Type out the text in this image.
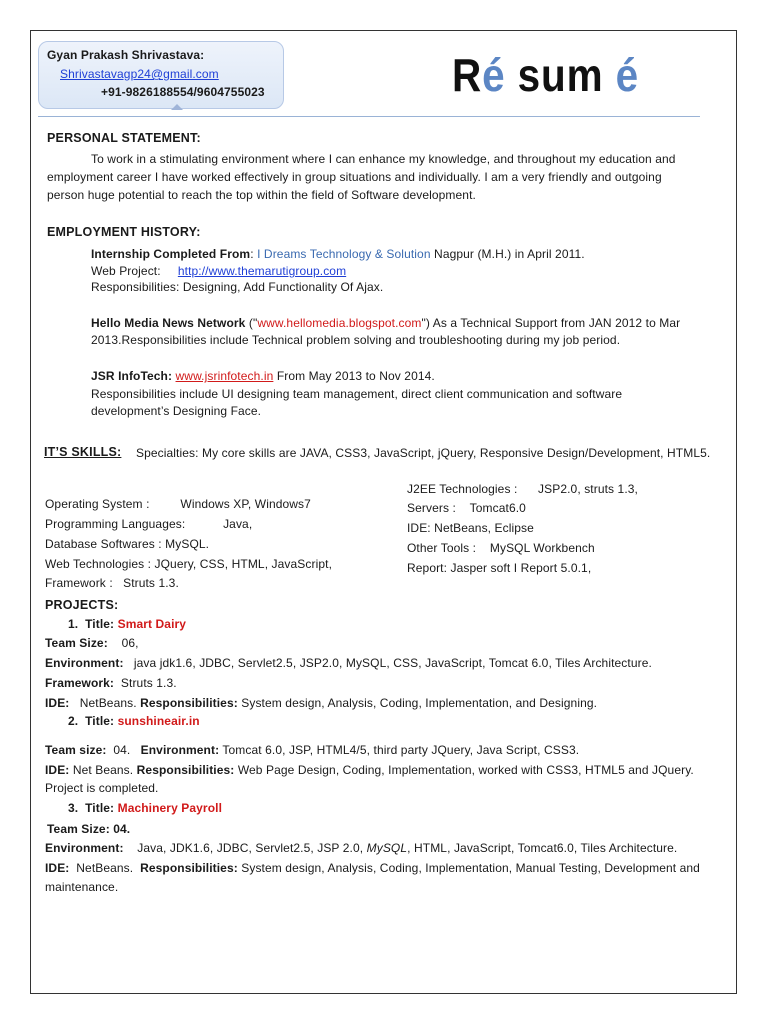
Gyan Prakash Shrivastava:
Shrivastavagp24@gmail.com
+91-9826188554/9604755023	Ré sum é
PERSONAL STATEMENT:
To work in a stimulating environment where I can enhance my knowledge, and throughout my education and
employment career I have worked effectively in group situations and individually. I am a very friendly and outgoing
person huge potential to reach the top within the field of Software development.
EMPLOYMENT HISTORY:
Internship Completed From: I Dreams Technology & Solution Nagpur (M.H.) in April 2011.
Web Project: http://www.themarutigroup.com
Responsibilities: Designing, Add Functionality Of Ajax.
Hello Media News Network ("www.hellomedia.blogspot.com") As a Technical Support from JAN 2012 to Mar
2013.Responsibilities include Technical problem solving and troubleshooting during my job period.
JSR InfoTech: www.jsrinfotech.in From May 2013 to Nov 2014.
Responsibilities include UI designing team management, direct client communication and software
development’s Designing Face.
IT’S SKILLS: Specialties: My core skills are JAVA, CSS3, JavaScript, jQuery, Responsive Design/Development, HTML5.
J2EE Technologies : JSP2.0, struts 1.3,
Operating System :	Windows XP, Windows7	Servers : Tomcat6.0
Programming Languages:	Java,	IDE: NetBeans, Eclipse
Database Softwares : MySQL.	Other Tools : MySQL Workbench
Web Technologies : JQuery, CSS, HTML, JavaScript,	Report: Jasper soft I Report 5.0.1,
Framework : Struts 1.3.
PROJECTS:
1. Title: Smart Dairy
Team Size: 06,
Environment: java jdk1.6, JDBC, Servlet2.5, JSP2.0, MySQL, CSS, JavaScript, Tomcat 6.0, Tiles Architecture.
Framework: Struts 1.3.
IDE: NetBeans. Responsibilities: System design, Analysis, Coding, Implementation, and Designing.
2. Title: sunshineair.in
Team size: 04. Environment: Tomcat 6.0, JSP, HTML4/5, third party JQuery, Java Script, CSS3.
IDE: Net Beans. Responsibilities: Web Page Design, Coding, Implementation, worked with CSS3, HTML5 and JQuery.
Project is completed.
3. Title: Machinery Payroll
Team Size: 04.
Environment: Java, JDK1.6, JDBC, Servlet2.5, JSP 2.0, MySQL, HTML, JavaScript, Tomcat6.0, Tiles Architecture.
IDE: NetBeans. Responsibilities: System design, Analysis, Coding, Implementation, Manual Testing, Development and
maintenance.
